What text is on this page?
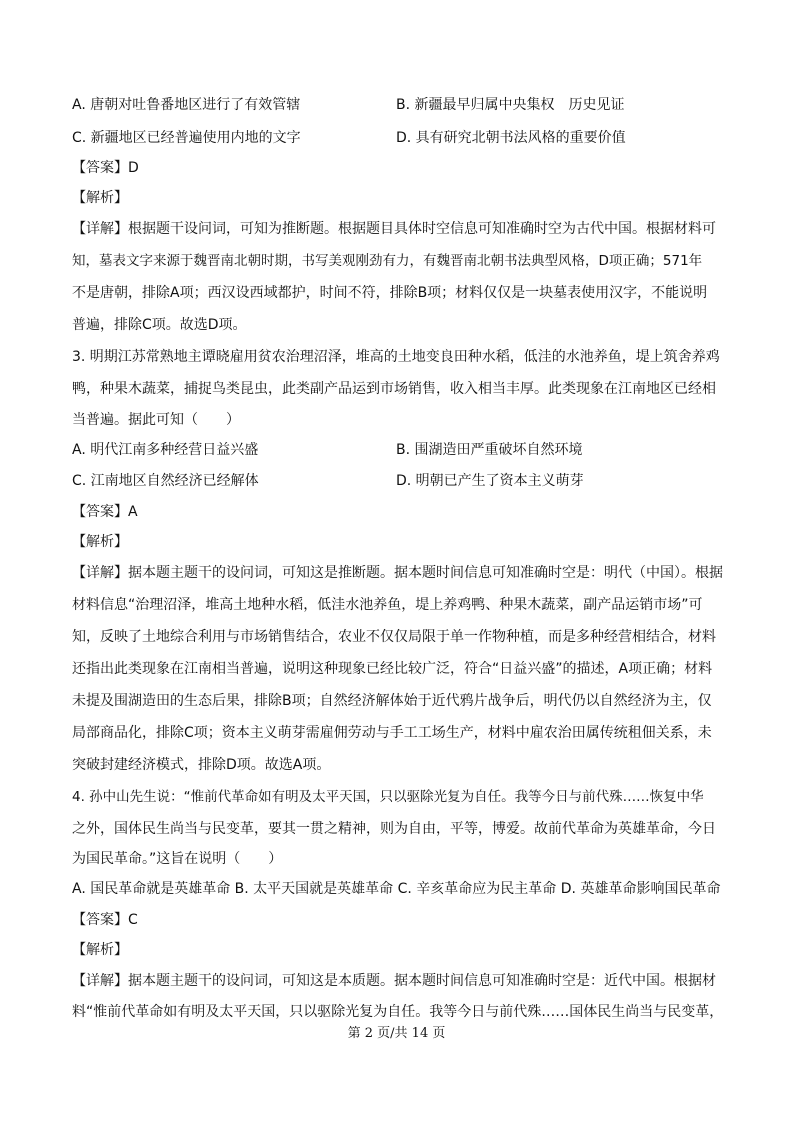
A. 唐朝对吐鲁番地区进行了有效管辖	B. 新疆最早归属中央集权　历史见证
C. 新疆地区已经普遍使用内地的文字	D. 具有研究北朝书法风格的重要价值
【答案】D
【解析】
【详解】根据题干设问词，可知为推断题。根据题目具体时空信息可知准确时空为古代中国。根据材料可
知，墓表文字来源于魏晋南北朝时期，书写美观刚劲有力，有魏晋南北朝书法典型风格，D项正确；571年
不是唐朝，排除A项；西汉设西域都护，时间不符，排除B项；材料仅仅是一块墓表使用汉字，不能说明
普遍，排除C项。故选D项。
3. 明期江苏常熟地主谭晓雇用贫农治理沼泽，堆高的土地变良田种水稻，低洼的水池养鱼，堤上筑舍养鸡
鸭，种果木蔬菜，捕捉鸟类昆虫，此类副产品运到市场销售，收入相当丰厚。此类现象在江南地区已经相
当普遍。据此可知（　　）
A. 明代江南多种经营日益兴盛	B. 围湖造田严重破坏自然环境
C. 江南地区自然经济已经解体	D. 明朝已产生了资本主义萌芽
【答案】A
【解析】
【详解】据本题主题干的设问词，可知这是推断题。据本题时间信息可知准确时空是：明代（中国）。根据
材料信息“治理沼泽，堆高土地种水稻，低洼水池养鱼，堤上养鸡鸭、种果木蔬菜，副产品运销市场”可
知，反映了土地综合利用与市场销售结合，农业不仅仅局限于单一作物种植，而是多种经营相结合，材料
还指出此类现象在江南相当普遍，说明这种现象已经比较广泛，符合“日益兴盛”的描述，A项正确；材料
未提及围湖造田的生态后果，排除B项；自然经济解体始于近代鸦片战争后，明代仍以自然经济为主，仅
局部商品化，排除C项；资本主义萌芽需雇佣劳动与手工工场生产，材料中雇农治田属传统租佃关系，未
突破封建经济模式，排除D项。故选A项。
4. 孙中山先生说：“惟前代革命如有明及太平天国，只以驱除光复为自任。我等今日与前代殊……恢复中华
之外，国体民生尚当与民变革，要其一贯之精神，则为自由，平等，博爱。故前代革命为英雄革命，今日
为国民革命。”这旨在说明（　　）
A. 国民革命就是英雄革命 B. 太平天国就是英雄革命 C. 辛亥革命应为民主革命 D. 英雄革命影响国民革命
【答案】C
【解析】
【详解】据本题主题干的设问词，可知这是本质题。据本题时间信息可知准确时空是：近代中国。根据材
料“惟前代革命如有明及太平天国，只以驱除光复为自任。我等今日与前代殊……国体民生尚当与民变革，
第 2 页/共 14 页
